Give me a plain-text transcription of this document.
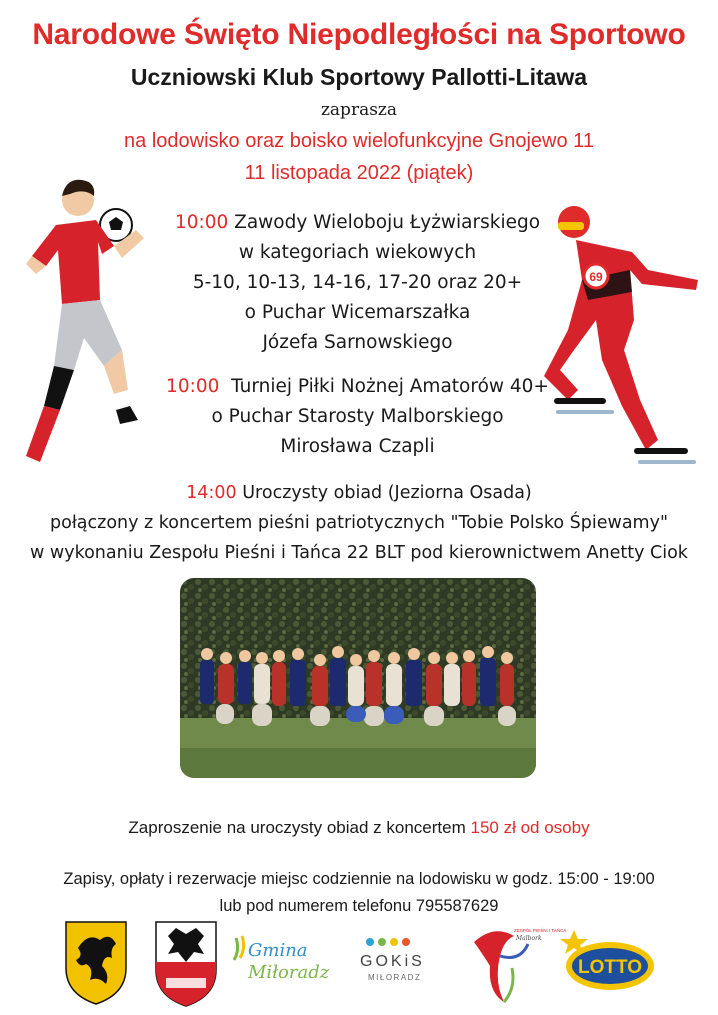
Narodowe Święto Niepodległości na Sportowo
Uczniowski Klub Sportowy Pallotti-Litawa
zaprasza
na lodowisko oraz boisko wielofunkcyjne Gnojewo 11
11 listopada 2022 (piątek)
69
10:00 Zawody Wieloboju Łyżwiarskiego
w kategoriach wiekowych
5-10, 10-13, 14-16, 17-20 oraz 20+
o Puchar Wicemarszałka
Józefa Sarnowskiego
10:00 Turniej Piłki Nożnej Amatorów 40+
o Puchar Starosty Malborskiego
Mirosława Czapli
14:00 Uroczysty obiad (Jeziorna Osada)
połączony z koncertem pieśni patriotycznych "Tobie Polsko Śpiewamy"
w wykonaniu Zespołu Pieśni i Tańca 22 BLT pod kierownictwem Anetty Ciok
Zaproszenie na uroczysty obiad z koncertem 150 zł od osoby
Zapisy, opłaty i rezerwacje miejsc codziennie na lodowisku w godz. 15:00 - 19:00
lub pod numerem telefonu 795587629
Gmina
Miłoradz
GOKiS
MIŁORADZ
ZESPÓŁ PIEŚNI I TAŃCA
Malbork
LOTTO
